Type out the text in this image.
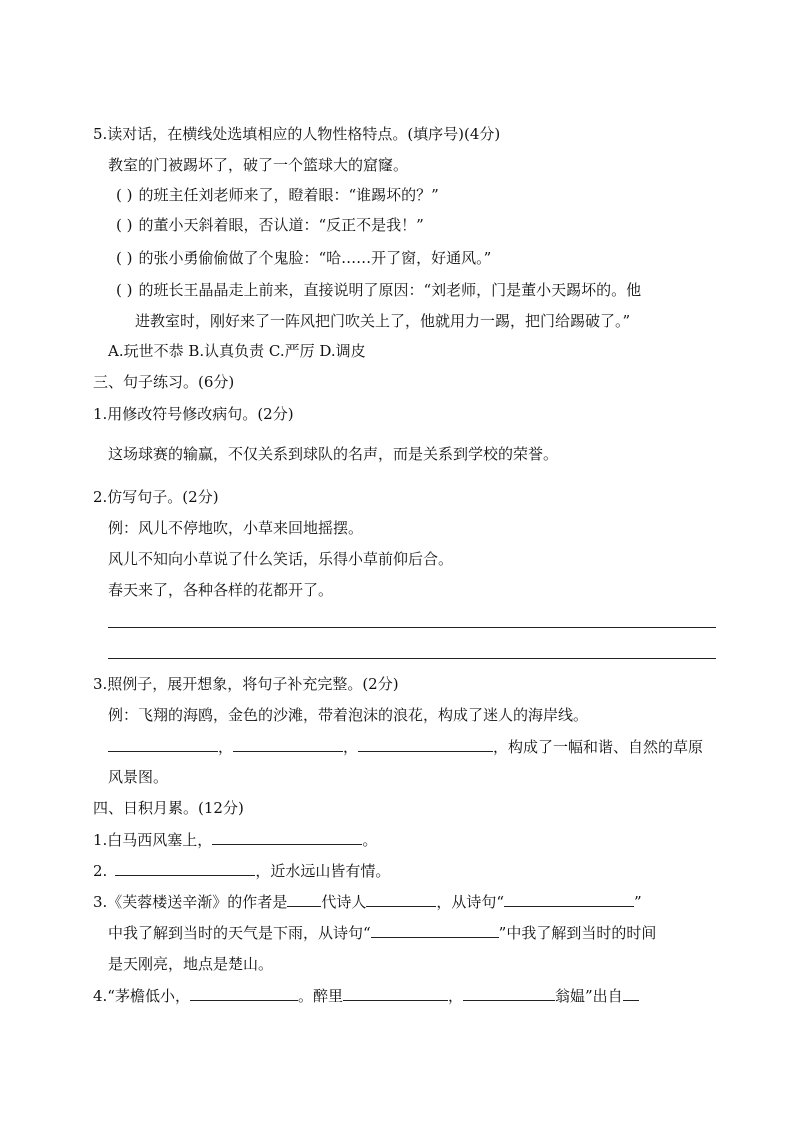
5.读对话，在横线处选填相应的人物性格特点。(填序号)(4分)
教室的门被踢坏了，破了一个篮球大的窟窿。
( ) 的班主任刘老师来了，瞪着眼：“谁踢坏的？”
( ) 的董小天斜着眼，否认道：“反正不是我！”
( ) 的张小勇偷偷做了个鬼脸：“哈……开了窗，好通风。”
( ) 的班长王晶晶走上前来，直接说明了原因：“刘老师，门是董小天踢坏的。他
进教室时，刚好来了一阵风把门吹关上了，他就用力一踢，把门给踢破了。”
A.玩世不恭 B.认真负责 C.严厉 D.调皮
三、句子练习。(6分)
1.用修改符号修改病句。(2分)
这场球赛的输赢，不仅关系到球队的名声，而是关系到学校的荣誉。
2.仿写句子。(2分)
例：风儿不停地吹，小草来回地摇摆。
风儿不知向小草说了什么笑话，乐得小草前仰后合。
春天来了，各种各样的花都开了。
3.照例子，展开想象，将句子补充完整。(2分)
例：飞翔的海鸥，金色的沙滩，带着泡沫的浪花，构成了迷人的海岸线。
，	，	，构成了一幅和谐、自然的草原
风景图。
四、日积月累。(12分)
1.白马西风塞上，	。
2.	，近水远山皆有情。
3.《芙蓉楼送辛渐》的作者是 代诗人	，从诗句“	”
中我了解到当时的天气是下雨，从诗句“	”中我了解到当时的时间
是天刚亮，地点是楚山。
4.“茅檐低小，	。醉里	，	翁媪”出自
